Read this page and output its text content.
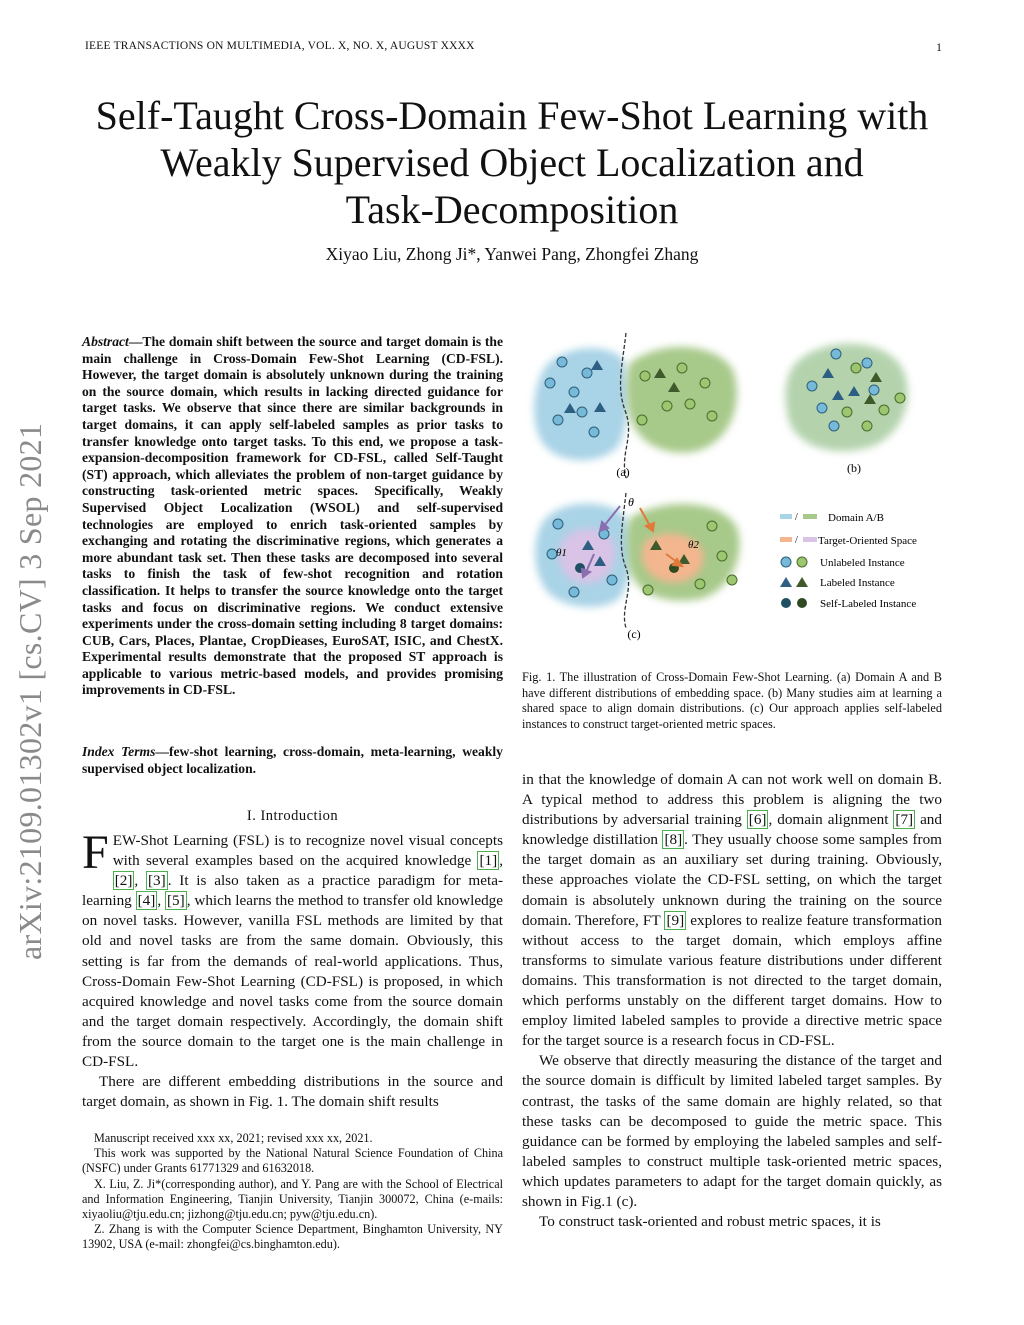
IEEE TRANSACTIONS ON MULTIMEDIA, VOL. X, NO. X, AUGUST XXXX	1
Self-Taught Cross-Domain Few-Shot Learning with
Weakly Supervised Object Localization and
Task-Decomposition
Xiyao Liu, Zhong Ji*, Yanwei Pang, Zhongfei Zhang
arXiv:2109.01302v1 [cs.CV] 3 Sep 2021
Abstract—The domain shift between the source and target domain is the main challenge in Cross-Domain Few-Shot Learning (CD-FSL). However, the target domain is absolutely unknown during the training on the source domain, which results in lacking directed guidance for target tasks. We observe that since there are similar backgrounds in target domains, it can apply self-labeled samples as prior tasks to transfer knowledge onto target tasks. To this end, we propose a task-expansion-decomposition framework for CD-FSL, called Self-Taught (ST) approach, which alleviates the problem of non-target guidance by constructing task-oriented metric spaces. Specifically, Weakly Supervised Object Localization (WSOL) and self-supervised technologies are employed to enrich task-oriented samples by exchanging and rotating the discriminative regions, which generates a more abundant task set. Then these tasks are decomposed into several tasks to finish the task of few-shot recognition and rotation classification. It helps to transfer the source knowledge onto the target tasks and focus on discriminative regions. We conduct extensive experiments under the cross-domain setting including 8 target domains: CUB, Cars, Places, Plantae, CropDieases, EuroSAT, ISIC, and ChestX. Experimental results demonstrate that the proposed ST approach is applicable to various metric-based models, and provides promising improvements in CD-FSL.
Index Terms—few-shot learning, cross-domain, meta-learning, weakly supervised object localization.
I. Introduction

FEW-Shot Learning (FSL) is to recognize novel visual concepts with several examples based on the acquired knowledge [1] , [2] , [3] . It is also taken as a practice paradigm for meta-learning [4] , [5] , which learns the method to transfer old knowledge on novel tasks. However, vanilla FSL methods are limited by that old and novel tasks are from the same domain. Obviously, this setting is far from the demands of real-world applications. Thus, Cross-Domain Few-Shot Learning (CD-FSL) is proposed, in which acquired knowledge and novel tasks come from the source domain and the target domain respectively. Accordingly, the domain shift from the source domain to the target one is the main challenge in CD-FSL.

There are different embedding distributions in the source and target domain, as shown in Fig. 1. The domain shift results

Manuscript received xxx xx, 2021; revised xxx xx, 2021.

This work was supported by the National Natural Science Foundation of China (NSFC) under Grants 61771329 and 61632018.

X. Liu, Z. Ji*(corresponding author), and Y. Pang are with the School of Electrical and Information Engineering, Tianjin University, Tianjin 300072, China (e-mails: xiyaoliu@tju.edu.cn; jizhong@tju.edu.cn; pyw@tju.edu.cn).

Z. Zhang is with the Computer Science Department, Binghamton University, NY 13902, USA (e-mail: zhongfei@cs.binghamton.edu).

(a)	(b)
θ
θ1
θ2
(c)
/	Domain A/B
/ Target-Oriented Space
Unlabeled Instance
Labeled Instance
Self-Labeled Instance
Fig. 1. The illustration of Cross-Domain Few-Shot Learning. (a) Domain A and B have different distributions of embedding space. (b) Many studies aim at learning a shared space to align domain distributions. (c) Our approach applies self-labeled instances to construct target-oriented metric spaces.

in that the knowledge of domain A can not work well on domain B. A typical method to address this problem is aligning the two distributions by adversarial training [6] , domain alignment [7] and knowledge distillation [8] . They usually choose some samples from the target domain as an auxiliary set during training. Obviously, these approaches violate the CD-FSL setting, on which the target domain is absolutely unknown during the training on the source domain. Therefore, FT [9] explores to realize feature transformation without access to the target domain, which employs affine transforms to simulate various feature distributions under different domains. This transformation is not directed to the target domain, which performs unstably on the different target domains. How to employ limited labeled samples to provide a directive metric space for the target source is a research focus in CD-FSL.

We observe that directly measuring the distance of the target and the source domain is difficult by limited labeled target samples. By contrast, the tasks of the same domain are highly related, so that these tasks can be decomposed to guide the metric space. This guidance can be formed by employing the labeled samples and self-labeled samples to construct multiple task-oriented metric spaces, which updates parameters to adapt for the target domain quickly, as shown in Fig.1 (c).

To construct task-oriented and robust metric spaces, it is
